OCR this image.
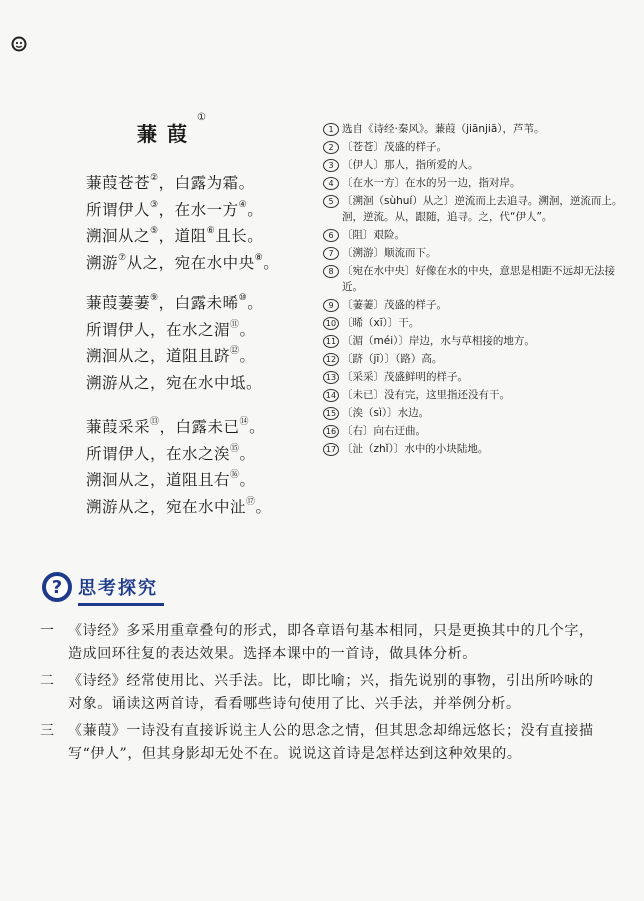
蒹葭①
蒹葭苍苍②，白露为霜。
所谓伊人③，在水一方④。
溯洄从之⑤，道阻⑥且长。
溯游⑦从之，宛在水中央⑧。
蒹葭萋萋⑨，白露未晞⑩。
所谓伊人，在水之湄⑪。
溯洄从之，道阻且跻⑫。
溯游从之，宛在水中坻。
蒹葭采采⑬，白露未已⑭。
所谓伊人，在水之涘⑮。
溯洄从之，道阻且右⑯。
溯游从之，宛在水中沚⑰。
1 选自《诗经·秦风》。蒹葭（jiānjiā），芦苇。
2 〔苍苍〕茂盛的样子。
3 〔伊人〕那人，指所爱的人。
4 〔在水一方〕在水的另一边，指对岸。
5 〔溯洄（sùhuí）从之〕逆流而上去追寻。溯洄，逆流而上。洄，逆流。从，跟随，追寻。之，代“伊人”。
6 〔阻〕艰险。
7 〔溯游〕顺流而下。
8 〔宛在水中央〕好像在水的中央，意思是相距不远却无法接近。
9 〔萋萋〕茂盛的样子。
10 〔晞（xī）〕干。
11 〔湄（méi）〕岸边，水与草相接的地方。
12 〔跻（jī）〕（路）高。
13 〔采采〕茂盛鲜明的样子。
14 〔未已〕没有完，这里指还没有干。
15 〔涘（sì）〕水边。
16 〔右〕向右迂曲。
17 〔沚（zhǐ）〕水中的小块陆地。
? 思考探究
一	《诗经》多采用重章叠句的形式，即各章语句基本相同，只是更换其中的几个字，造成回环往复的表达效果。选择本课中的一首诗，做具体分析。
二	《诗经》经常使用比、兴手法。比，即比喻；兴，指先说别的事物，引出所吟咏的对象。诵读这两首诗，看看哪些诗句使用了比、兴手法，并举例分析。
三	《蒹葭》一诗没有直接诉说主人公的思念之情，但其思念却绵远悠长；没有直接描写“伊人”，但其身影却无处不在。说说这首诗是怎样达到这种效果的。
